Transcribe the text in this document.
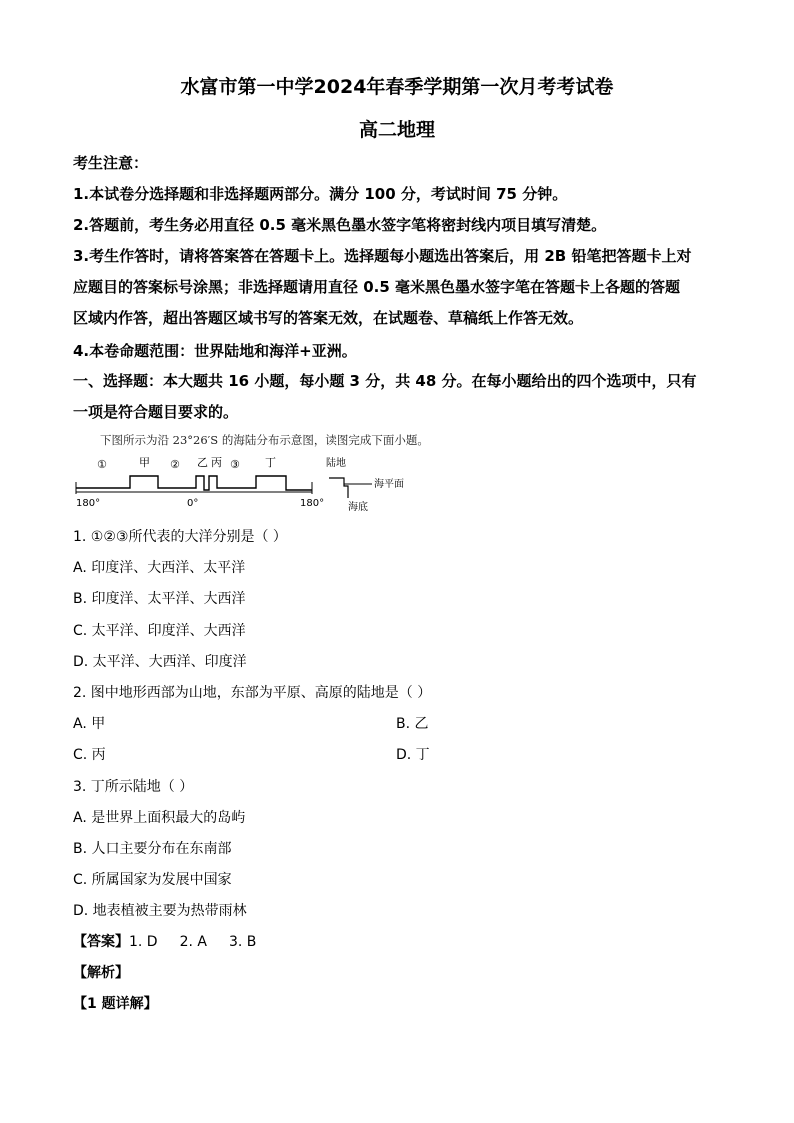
水富市第一中学2024年春季学期第一次月考考试卷
高二地理
考生注意：
1.本试卷分选择题和非选择题两部分。满分 100 分，考试时间 75 分钟。
2.答题前，考生务必用直径 0.5 毫米黑色墨水签字笔将密封线内项目填写清楚。
3.考生作答时，请将答案答在答题卡上。选择题每小题选出答案后，用 2B 铅笔把答题卡上对
应题目的答案标号涂黑；非选择题请用直径 0.5 毫米黑色墨水签字笔在答题卡上各题的答题
区域内作答，超出答题区域书写的答案无效，在试题卷、草稿纸上作答无效。
4.本卷命题范围：世界陆地和海洋+亚洲。
一、选择题：本大题共 16 小题，每小题 3 分，共 48 分。在每小题给出的四个选项中，只有
一项是符合题目要求的。
下图所示为沿 23°26′S 的海陆分布示意图，读图完成下面小题。
①	甲 ② 乙 丙 ③ 丁	陆地
海平面
海底
180°	0°	180°
1. ①②③所代表的大洋分别是（ ）
A. 印度洋、大西洋、太平洋
B. 印度洋、太平洋、大西洋
C. 太平洋、印度洋、大西洋
D. 太平洋、大西洋、印度洋
2. 图中地形西部为山地，东部为平原、高原的陆地是（ ）
A. 甲	B. 乙
C. 丙	D. 丁
3. 丁所示陆地（ ）
A. 是世界上面积最大的岛屿
B. 人口主要分布在东南部
C. 所属国家为发展中国家
D. 地表植被主要为热带雨林
【答案】1. D 2. A 3. B
【解析】
【1 题详解】
